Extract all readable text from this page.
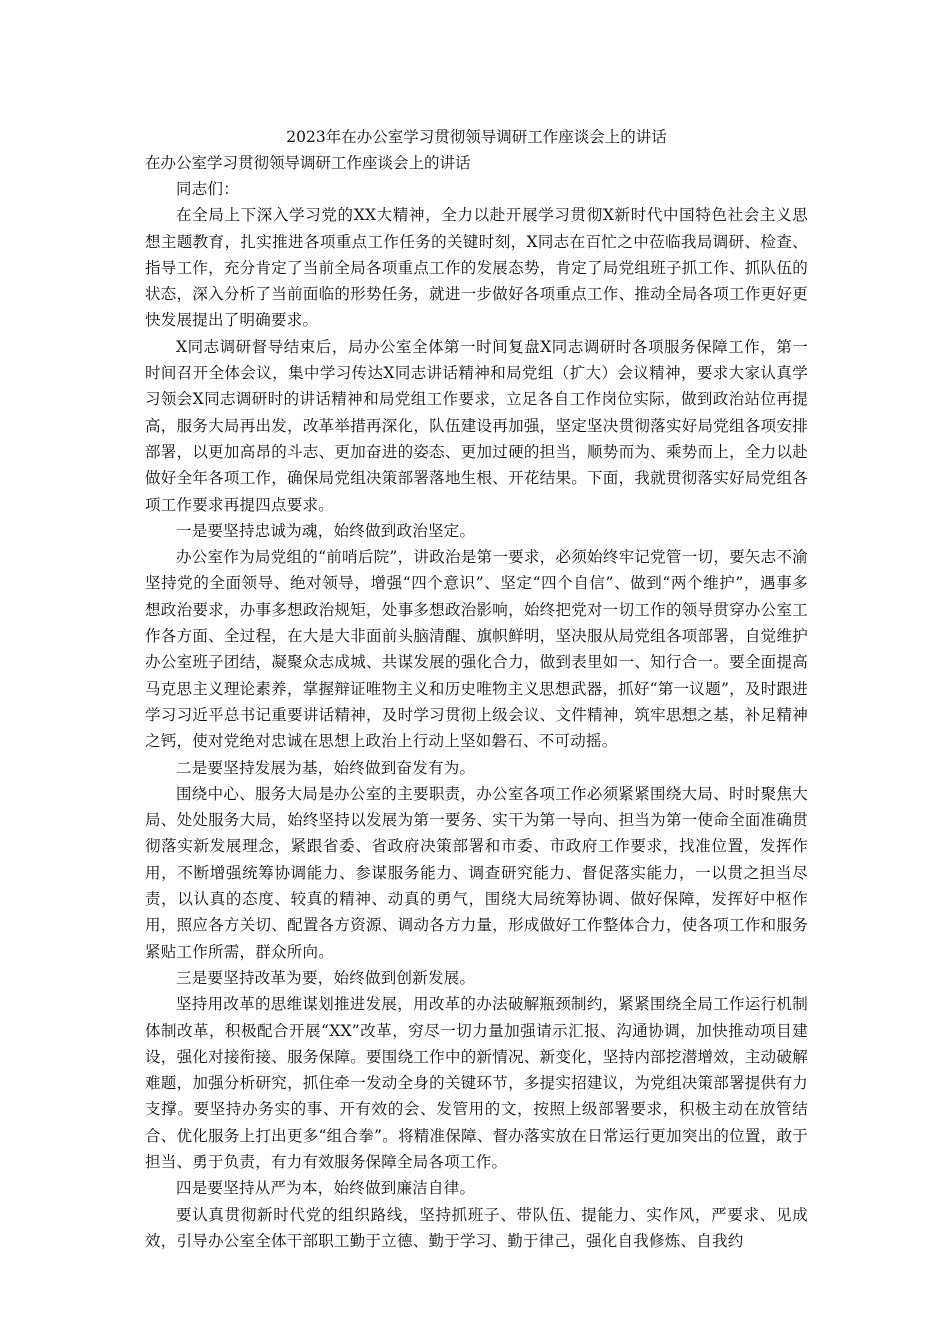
2023年在办公室学习贯彻领导调研工作座谈会上的讲话

在办公室学习贯彻领导调研工作座谈会上的讲话

同志们：

在全局上下深入学习党的XX大精神，全力以赴开展学习贯彻X新时代中国特色社会主义思想主题教育，扎实推进各项重点工作任务的关键时刻，X同志在百忙之中莅临我局调研、检查、指导工作，充分肯定了当前全局各项重点工作的发展态势，肯定了局党组班子抓工作、抓队伍的状态，深入分析了当前面临的形势任务，就进一步做好各项重点工作、推动全局各项工作更好更快发展提出了明确要求。

X同志调研督导结束后，局办公室全体第一时间复盘X同志调研时各项服务保障工作，第一时间召开全体会议，集中学习传达X同志讲话精神和局党组（扩大）会议精神，要求大家认真学习领会X同志调研时的讲话精神和局党组工作要求，立足各自工作岗位实际，做到政治站位再提高，服务大局再出发，改革举措再深化，队伍建设再加强，坚定坚决贯彻落实好局党组各项安排部署，以更加高昂的斗志、更加奋进的姿态、更加过硬的担当，顺势而为、乘势而上，全力以赴做好全年各项工作，确保局党组决策部署落地生根、开花结果。下面，我就贯彻落实好局党组各项工作要求再提四点要求。

一是要坚持忠诚为魂，始终做到政治坚定。

办公室作为局党组的“前哨后院”，讲政治是第一要求，必须始终牢记党管一切，要矢志不渝坚持党的全面领导、绝对领导，增强“四个意识”、坚定“四个自信”、做到“两个维护”，遇事多想政治要求，办事多想政治规矩，处事多想政治影响，始终把党对一切工作的领导贯穿办公室工作各方面、全过程，在大是大非面前头脑清醒、旗帜鲜明，坚决服从局党组各项部署，自觉维护办公室班子团结，凝聚众志成城、共谋发展的强化合力，做到表里如一、知行合一。要全面提高马克思主义理论素养，掌握辩证唯物主义和历史唯物主义思想武器，抓好“第一议题”，及时跟进学习习近平总书记重要讲话精神，及时学习贯彻上级会议、文件精神，筑牢思想之基，补足精神之钙，使对党绝对忠诚在思想上政治上行动上坚如磐石、不可动摇。

二是要坚持发展为基，始终做到奋发有为。

围绕中心、服务大局是办公室的主要职责，办公室各项工作必须紧紧围绕大局、时时聚焦大局、处处服务大局，始终坚持以发展为第一要务、实干为第一导向、担当为第一使命全面准确贯彻落实新发展理念，紧跟省委、省政府决策部署和市委、市政府工作要求，找准位置，发挥作用，不断增强统筹协调能力、参谋服务能力、调查研究能力、督促落实能力，一以贯之担当尽责，以认真的态度、较真的精神、动真的勇气，围绕大局统筹协调、做好保障，发挥好中枢作用，照应各方关切、配置各方资源、调动各方力量，形成做好工作整体合力，使各项工作和服务紧贴工作所需，群众所向。

三是要坚持改革为要，始终做到创新发展。

坚持用改革的思维谋划推进发展，用改革的办法破解瓶颈制约，紧紧围绕全局工作运行机制体制改革，积极配合开展“XX”改革，穷尽一切力量加强请示汇报、沟通协调，加快推动项目建设，强化对接衔接、服务保障。要围绕工作中的新情况、新变化，坚持内部挖潜增效，主动破解难题，加强分析研究，抓住牵一发动全身的关键环节，多提实招建议，为党组决策部署提供有力支撑。要坚持办务实的事、开有效的会、发管用的文，按照上级部署要求，积极主动在放管结合、优化服务上打出更多“组合拳”。将精准保障、督办落实放在日常运行更加突出的位置，敢于担当、勇于负责，有力有效服务保障全局各项工作。

四是要坚持从严为本，始终做到廉洁自律。

要认真贯彻新时代党的组织路线，坚持抓班子、带队伍、提能力、实作风，严要求、见成效，引导办公室全体干部职工勤于立德、勤于学习、勤于律己，强化自我修炼、自我约
